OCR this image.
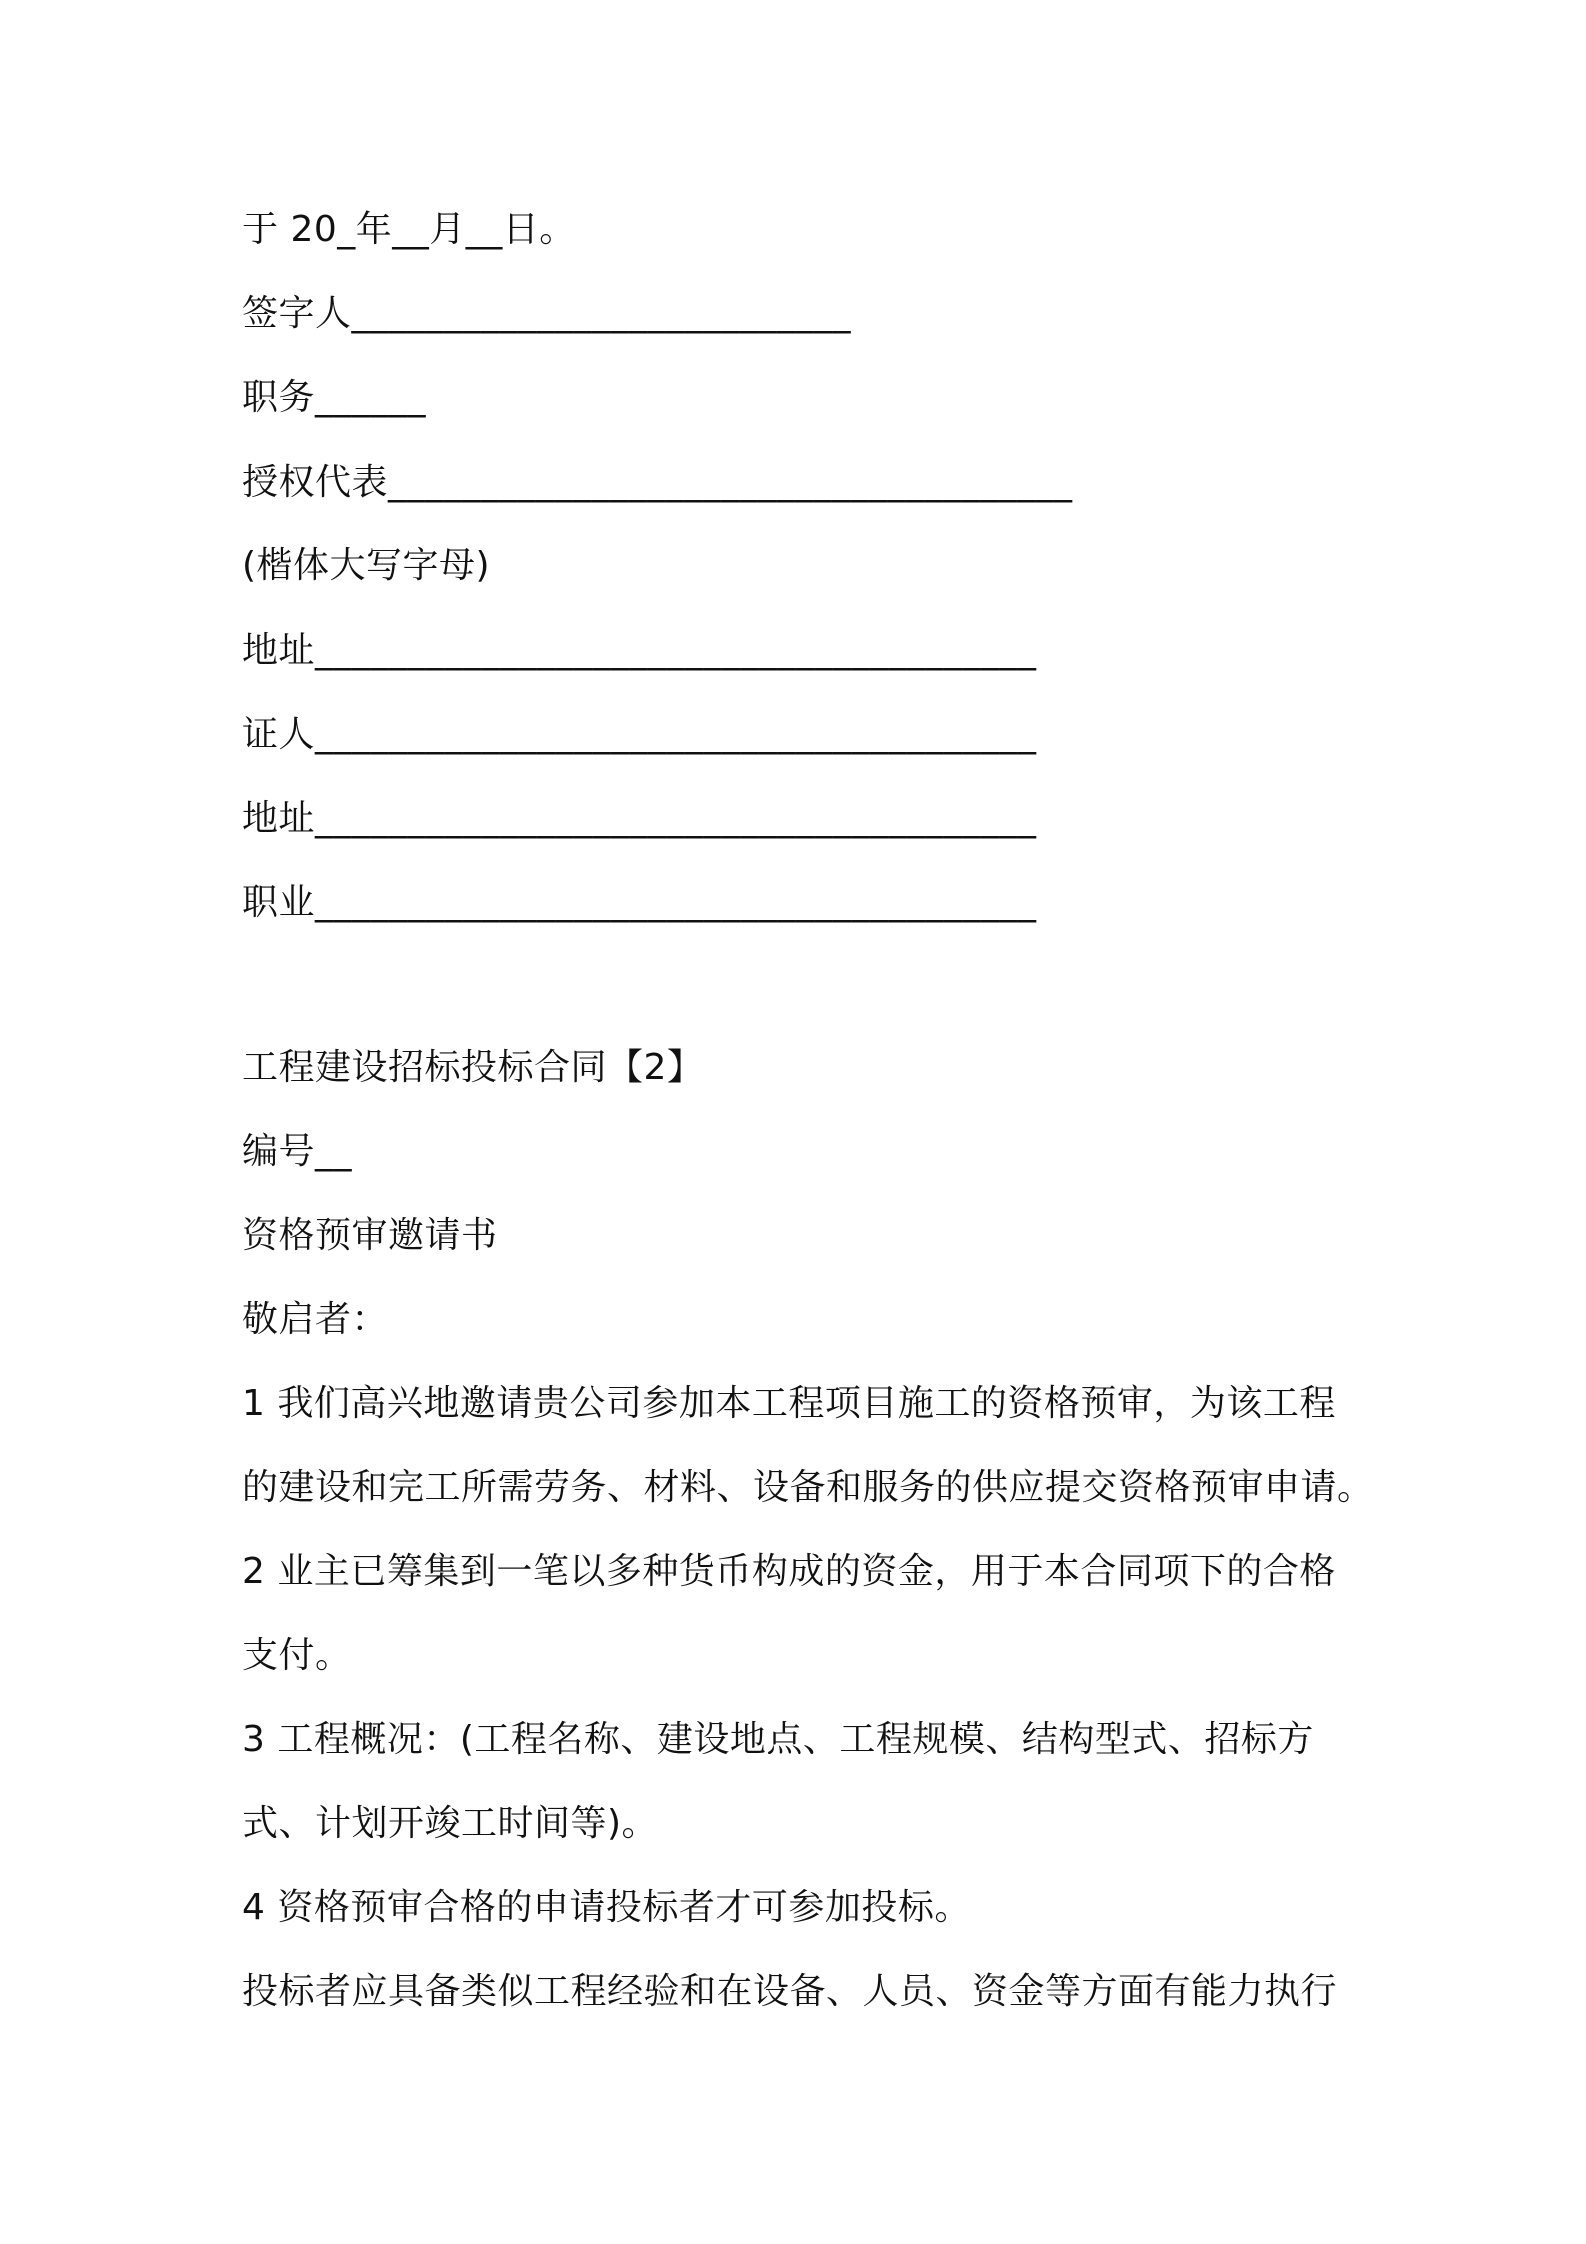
于 20_年__月__日。
签字人___________________________
职务______
授权代表_____________________________________
(楷体大写字母)
地址_______________________________________
证人_______________________________________
地址_______________________________________
职业_______________________________________
工程建设招标投标合同【2】
编号__
资格预审邀请书
敬启者：
1 我们高兴地邀请贵公司参加本工程项目施工的资格预审，为该工程
的建设和完工所需劳务、材料、设备和服务的供应提交资格预审申请。
2 业主已筹集到一笔以多种货币构成的资金，用于本合同项下的合格
支付。
3 工程概况：(工程名称、建设地点、工程规模、结构型式、招标方
式、计划开竣工时间等)。
4 资格预审合格的申请投标者才可参加投标。
投标者应具备类似工程经验和在设备、人员、资金等方面有能力执行
